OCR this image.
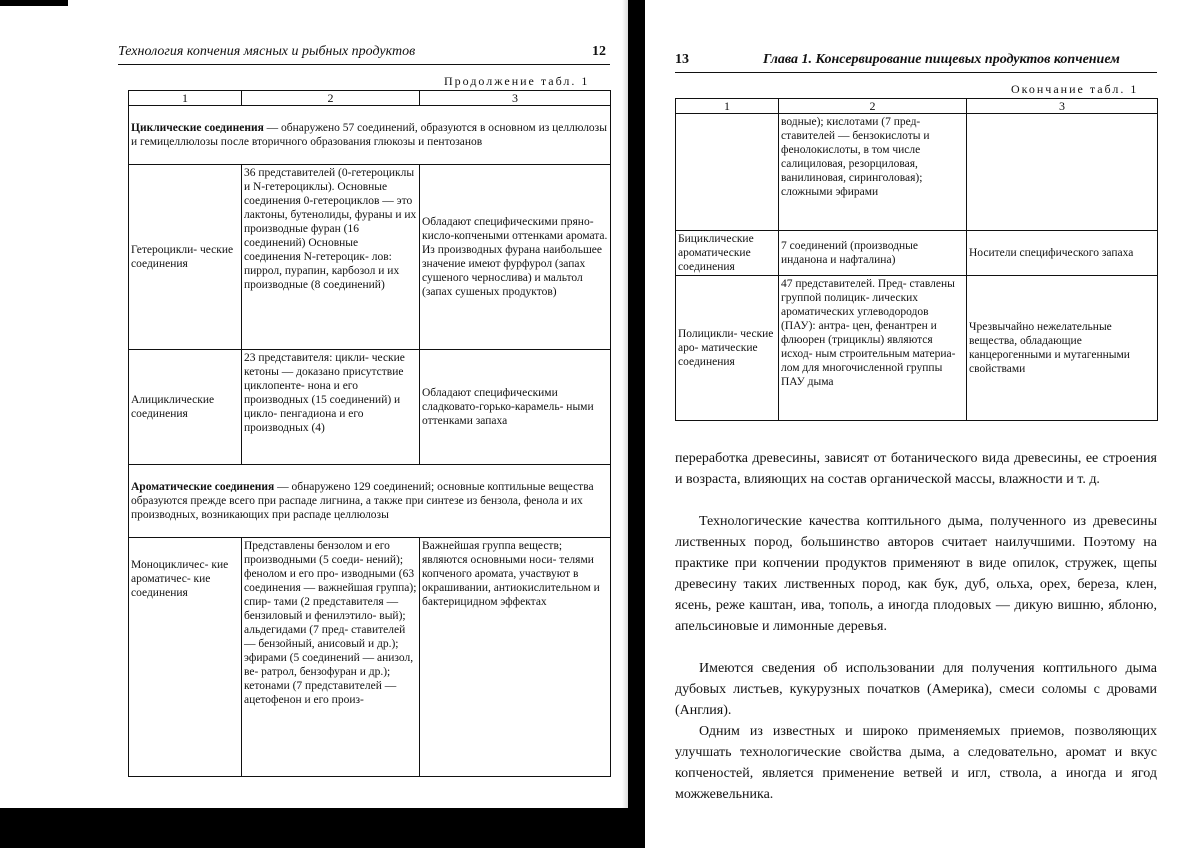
Технология копчения мясных и рыбных продуктов	12
Продолжение табл. 1
1	2	3
Циклические соединения — обнаружено 57 соединений, образуются в основном из целлюлозы и гемицеллюлозы после вторичного образования глюкозы и пентозанов		
Гетероцикли- ческие соединения	36 представителей (0-гетероциклы и N-гетероциклы). Основные соединения 0-гетероциклов — это лактоны, бутенолиды, фураны и их производные фуран (16 соединений) Основные соединения N-гетероцик- лов: пиррол, пурапин, карбозол и их производные (8 соединений)	Обладают специфическими пряно-кисло-копчеными оттенками аромата. Из производных фурана наибольшее значение имеют фурфурол (запах сушеного чернослива) и мальтол (запах сушеных продуктов)
Алициклические соединения	23 представителя: цикли- ческие кетоны — доказано присутствие циклопенте- нона и его производных (15 соединений) и цикло- пенгадиона и его производных (4)	Обладают специфическими сладковато-горько-карамель- ными оттенками запаха
Ароматические соединения — обнаружено 129 соединений; основные коптильные вещества образуются прежде всего при распаде лигнина, а также при синтезе из бензола, фенола и их производных, возникающих при распаде целлюлозы		
Моноцикличес- кие ароматичес- кие соединения	Представлены бензолом и его производными (5 соеди- нений); фенолом и его про- изводными (63 соединения — важнейшая группа); спир- тами (2 представителя — бензиловый и фенилэтило- вый); альдегидами (7 пред- ставителей — бензойный, анисовый и др.); эфирами (5 соединений — анизол, ве- ратрол, бензофуран и др.); кетонами (7 представителей — ацетофенон и его произ-	Важнейшая группа веществ; являются основными носи- телями копченого аромата, участвуют в окрашивании, антиокислительном и бактерицидном эффектах
13	Глава 1. Консервирование пищевых продуктов копчением
Окончание табл. 1
1	2	3
	водные); кислотами (7 пред- ставителей — бензокислоты и фенолокислоты, в том числе салициловая, резорциловая, ванилиновая, сиринголовая); сложными эфирами	
Бициклические ароматические соединения	7 соединений (производные инданона и нафталина)	Носители специфического запаха
Полицикли- ческие аро- матические соединения	47 представителей. Пред- ставлены группой полицик- лических ароматических углеводородов (ПАУ): антра- цен, фенантрен и флюорен (трициклы) являются исход- ным строительным материа- лом для многочисленной группы ПАУ дыма	Чрезвычайно нежелательные вещества, обладающие канцерогенными и мутагенными свойствами
переработка древесины, зависят от ботанического вида древесины, ее строения и возраста, влияющих на состав органической массы, влажности и т. д.
Технологические качества коптильного дыма, полученного из древесины лиственных пород, большинство авторов считает наилучшими. Поэтому на практике при копчении продуктов применяют в виде опилок, стружек, щепы древесину таких лиственных пород, как бук, дуб, ольха, орех, береза, клен, ясень, реже каштан, ива, тополь, а иногда плодовых — дикую вишню, яблоню, апельсиновые и лимонные деревья.
Имеются сведения об использовании для получения коптильного дыма дубовых листьев, кукурузных початков (Америка), смеси соломы с дровами (Англия).
Одним из известных и широко применяемых приемов, позволяющих улучшать технологические свойства дыма, а следовательно, аромат и вкус копченостей, является применение ветвей и игл, ствола, а иногда и ягод можжевельника.
